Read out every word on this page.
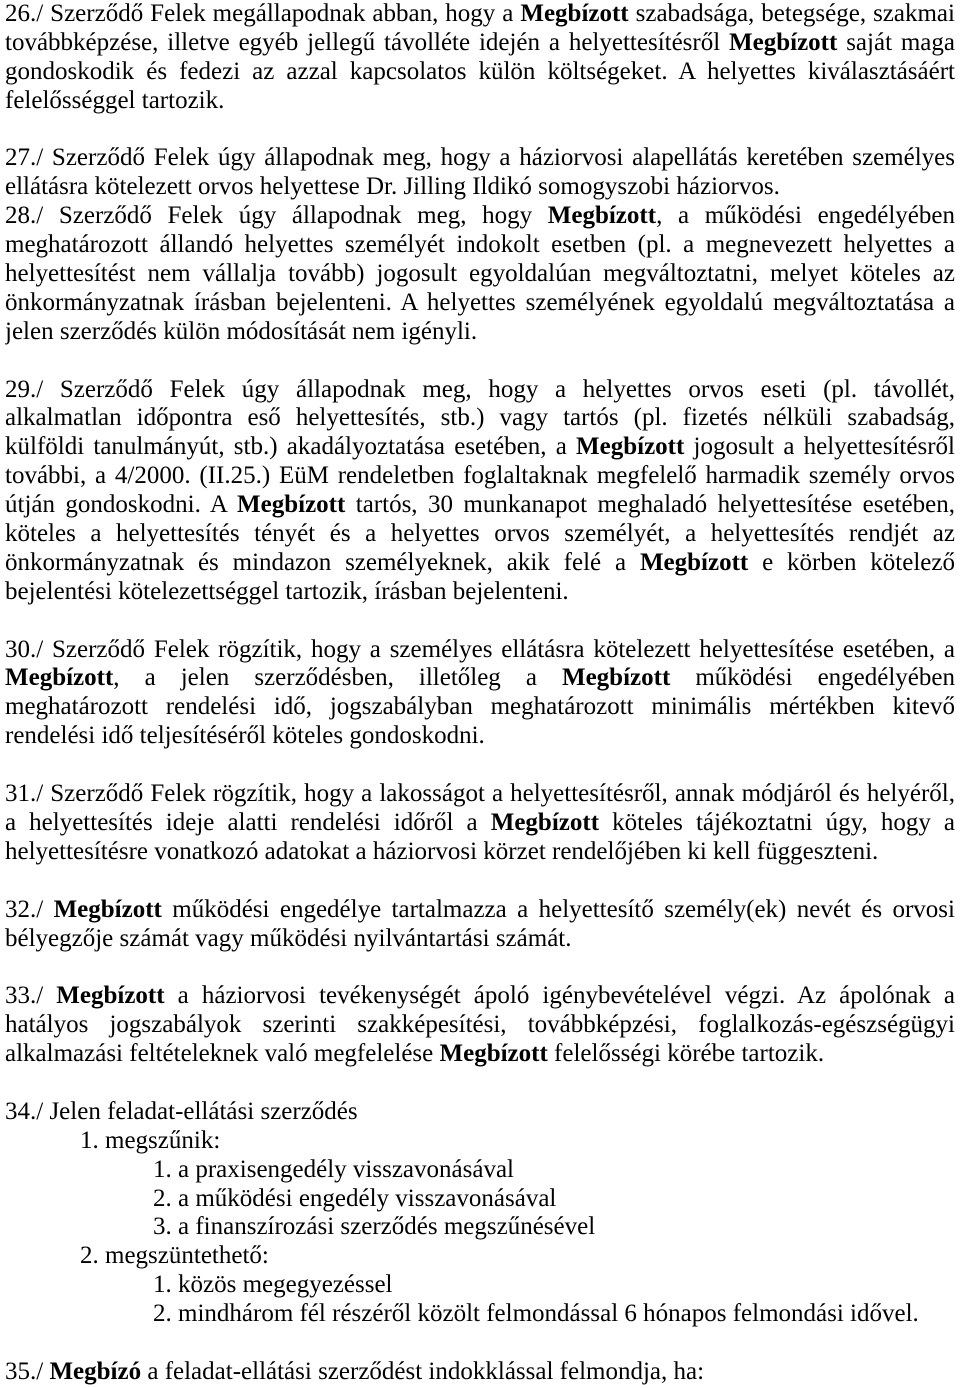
26./ Szerződő Felek megállapodnak abban, hogy a Megbízott szabadsága, betegsége, szakmai
továbbképzése, illetve egyéb jellegű távolléte idején a helyettesítésről Megbízott saját maga
gondoskodik és fedezi az azzal kapcsolatos külön költségeket. A helyettes kiválasztásáért
felelősséggel tartozik.
27./ Szerződő Felek úgy állapodnak meg, hogy a háziorvosi alapellátás keretében személyes
ellátásra kötelezett orvos helyettese Dr. Jilling Ildikó somogyszobi háziorvos.
28./ Szerződő Felek úgy állapodnak meg, hogy Megbízott, a működési engedélyében
meghatározott állandó helyettes személyét indokolt esetben (pl. a megnevezett helyettes a
helyettesítést nem vállalja tovább) jogosult egyoldalúan megváltoztatni, melyet köteles az
önkormányzatnak írásban bejelenteni. A helyettes személyének egyoldalú megváltoztatása a
jelen szerződés külön módosítását nem igényli.
29./ Szerződő Felek úgy állapodnak meg, hogy a helyettes orvos eseti (pl. távollét,
alkalmatlan időpontra eső helyettesítés, stb.) vagy tartós (pl. fizetés nélküli szabadság,
külföldi tanulmányút, stb.) akadályoztatása esetében, a Megbízott jogosult a helyettesítésről
további, a 4/2000. (II.25.) EüM rendeletben foglaltaknak megfelelő harmadik személy orvos
útján gondoskodni. A Megbízott tartós, 30 munkanapot meghaladó helyettesítése esetében,
köteles a helyettesítés tényét és a helyettes orvos személyét, a helyettesítés rendjét az
önkormányzatnak és mindazon személyeknek, akik felé a Megbízott e körben kötelező
bejelentési kötelezettséggel tartozik, írásban bejelenteni.
30./ Szerződő Felek rögzítik, hogy a személyes ellátásra kötelezett helyettesítése esetében, a
Megbízott, a jelen szerződésben, illetőleg a Megbízott működési engedélyében
meghatározott rendelési idő, jogszabályban meghatározott minimális mértékben kitevő
rendelési idő teljesítéséről köteles gondoskodni.
31./ Szerződő Felek rögzítik, hogy a lakosságot a helyettesítésről, annak módjáról és helyéről,
a helyettesítés ideje alatti rendelési időről a Megbízott köteles tájékoztatni úgy, hogy a
helyettesítésre vonatkozó adatokat a háziorvosi körzet rendelőjében ki kell függeszteni.
32./ Megbízott működési engedélye tartalmazza a helyettesítő személy(ek) nevét és orvosi
bélyegzője számát vagy működési nyilvántartási számát.
33./ Megbízott a háziorvosi tevékenységét ápoló igénybevételével végzi. Az ápolónak a
hatályos jogszabályok szerinti szakképesítési, továbbképzési, foglalkozás-egészségügyi
alkalmazási feltételeknek való megfelelése Megbízott felelősségi körébe tartozik.
34./ Jelen feladat-ellátási szerződés
1. megszűnik:
1. a praxisengedély visszavonásával
2. a működési engedély visszavonásával
3. a finanszírozási szerződés megszűnésével
2. megszüntethető:
1. közös megegyezéssel
2. mindhárom fél részéről közölt felmondással 6 hónapos felmondási idővel.
35./ Megbízó a feladat-ellátási szerződést indokklással felmondja, ha:
